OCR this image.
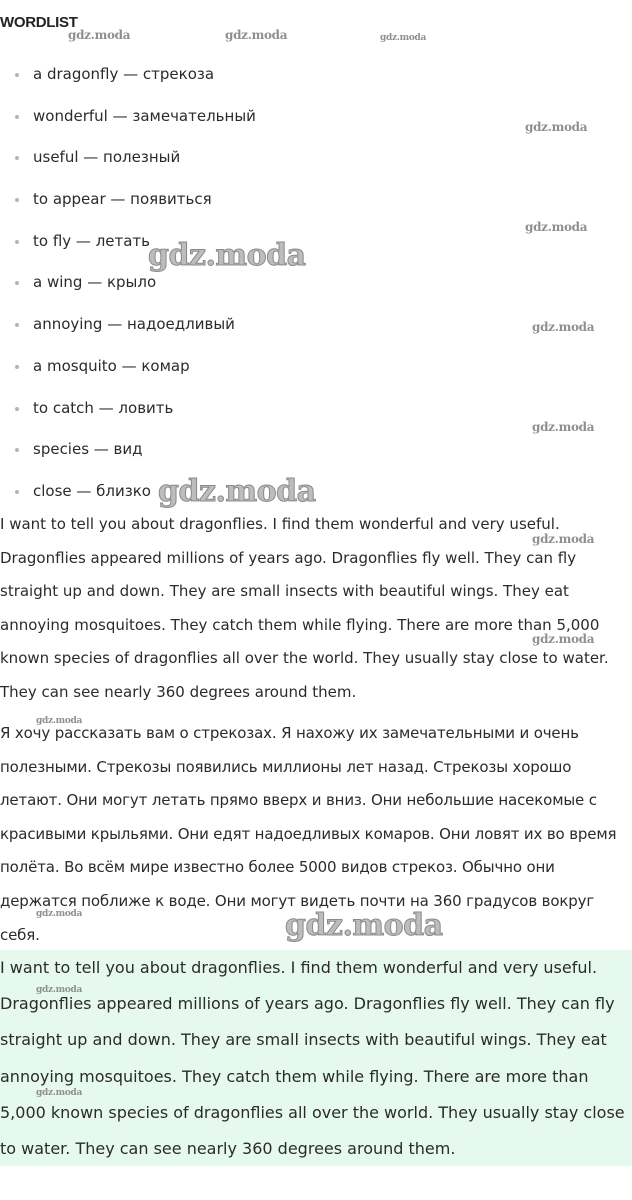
WORDLIST
a dragonfly — стрекоза
wonderful — замечательный
useful — полезный
to appear — появиться
to fly — летать
a wing — крыло
annoying — надоедливый
a mosquito — комар
to catch — ловить
species — вид
close — близко

I want to tell you about dragonflies. I find them wonderful and very useful.
Dragonflies appeared millions of years ago. Dragonflies fly well. They can fly
straight up and down. They are small insects with beautiful wings. They eat
annoying mosquitoes. They catch them while flying. There are more than 5,000
known species of dragonflies all over the world. They usually stay close to water.
They can see nearly 360 degrees around them.

Я хочу рассказать вам о стрекозах. Я нахожу их замечательными и очень
полезными. Стрекозы появились миллионы лет назад. Стрекозы хорошо
летают. Они могут летать прямо вверх и вниз. Они небольшие насекомые с
красивыми крыльями. Они едят надоедливых комаров. Они ловят их во время
полёта. Во всём мире известно более 5000 видов стрекоз. Обычно они
держатся поближе к воде. Они могут видеть почти на 360 градусов вокруг
себя.

I want to tell you about dragonflies. I find them wonderful and very useful.
Dragonflies appeared millions of years ago. Dragonflies fly well. They can fly
straight up and down. They are small insects with beautiful wings. They eat
annoying mosquitoes. They catch them while flying. There are more than
5,000 known species of dragonflies all over the world. They usually stay close
to water. They can see nearly 360 degrees around them.

gdz.moda	gdz.moda	gdz.moda
gdz.moda
gdz.moda
gdz.moda
gdz.moda
gdz.moda
gdz.moda
gdz.moda
gdz.moda
gdz.moda
gdz.moda	gdz.moda
gdz.moda
gdz.moda
